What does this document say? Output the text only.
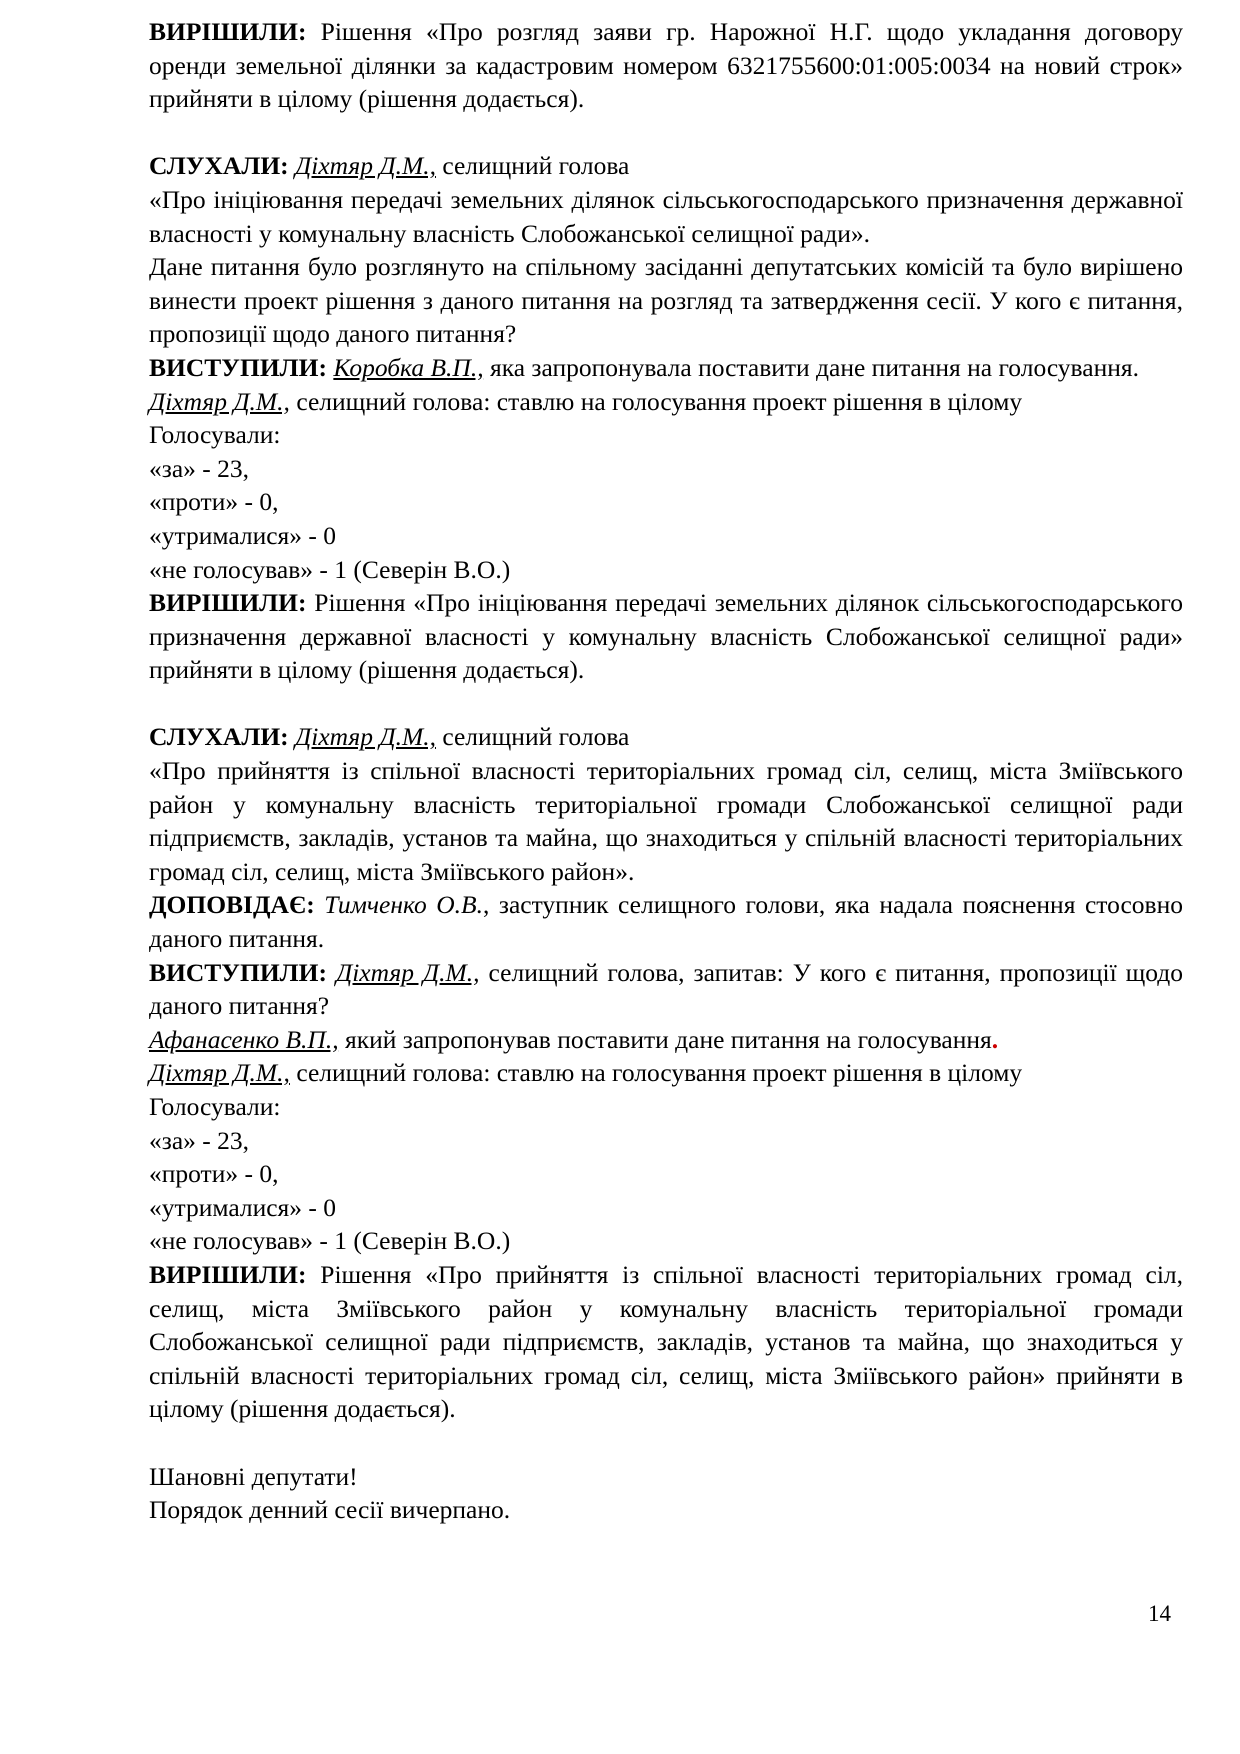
ВИРІШИЛИ: Рішення «Про розгляд заяви гр. Нарожної Н.Г. щодо укладання договору оренди земельної ділянки за кадастровим номером 6321755600:01:005:0034 на новий строк» прийняти в цілому (рішення додається).

СЛУХАЛИ: Діхтяр Д.М., селищний голова

«Про ініціювання передачі земельних ділянок сільськогосподарського призначення державної власності у комунальну власність Слобожанської селищної ради».

Дане питання було розглянуто на спільному засіданні депутатських комісій та було вирішено винести проект рішення з даного питання на розгляд та затвердження сесії. У кого є питання, пропозиції щодо даного питання?

ВИСТУПИЛИ: Коробка В.П., яка запропонувала поставити дане питання на голосування.

Діхтяр Д.М., селищний голова: ставлю на голосування проект рішення в цілому

Голосували:

«за» - 23,

«проти» - 0,

«утрималися» - 0

«не голосував» - 1 (Северін В.О.)

ВИРІШИЛИ: Рішення «Про ініціювання передачі земельних ділянок сільськогосподарського призначення державної власності у комунальну власність Слобожанської селищної ради» прийняти в цілому (рішення додається).

СЛУХАЛИ: Діхтяр Д.М., селищний голова

«Про прийняття із спільної власності територіальних громад сіл, селищ, міста Зміївського район у комунальну власність територіальної громади Слобожанської селищної ради підприємств, закладів, установ та майна, що знаходиться у спільній власності територіальних громад сіл, селищ, міста Зміївського район».

ДОПОВІДАЄ: Тимченко О.В., заступник селищного голови, яка надала пояснення стосовно даного питання.

ВИСТУПИЛИ: Діхтяр Д.М., селищний голова, запитав: У кого є питання, пропозиції щодо даного питання?

Афанасенко В.П., який запропонував поставити дане питання на голосування.

Діхтяр Д.М., селищний голова: ставлю на голосування проект рішення в цілому

Голосували:

«за» - 23,

«проти» - 0,

«утрималися» - 0

«не голосував» - 1 (Северін В.О.)

ВИРІШИЛИ: Рішення «Про прийняття із спільної власності територіальних громад сіл, селищ, міста Зміївського район у комунальну власність територіальної громади Слобожанської селищної ради підприємств, закладів, установ та майна, що знаходиться у спільній власності територіальних громад сіл, селищ, міста Зміївського район» прийняти в цілому (рішення додається).

Шановні депутати!

Порядок денний сесії вичерпано.

14
